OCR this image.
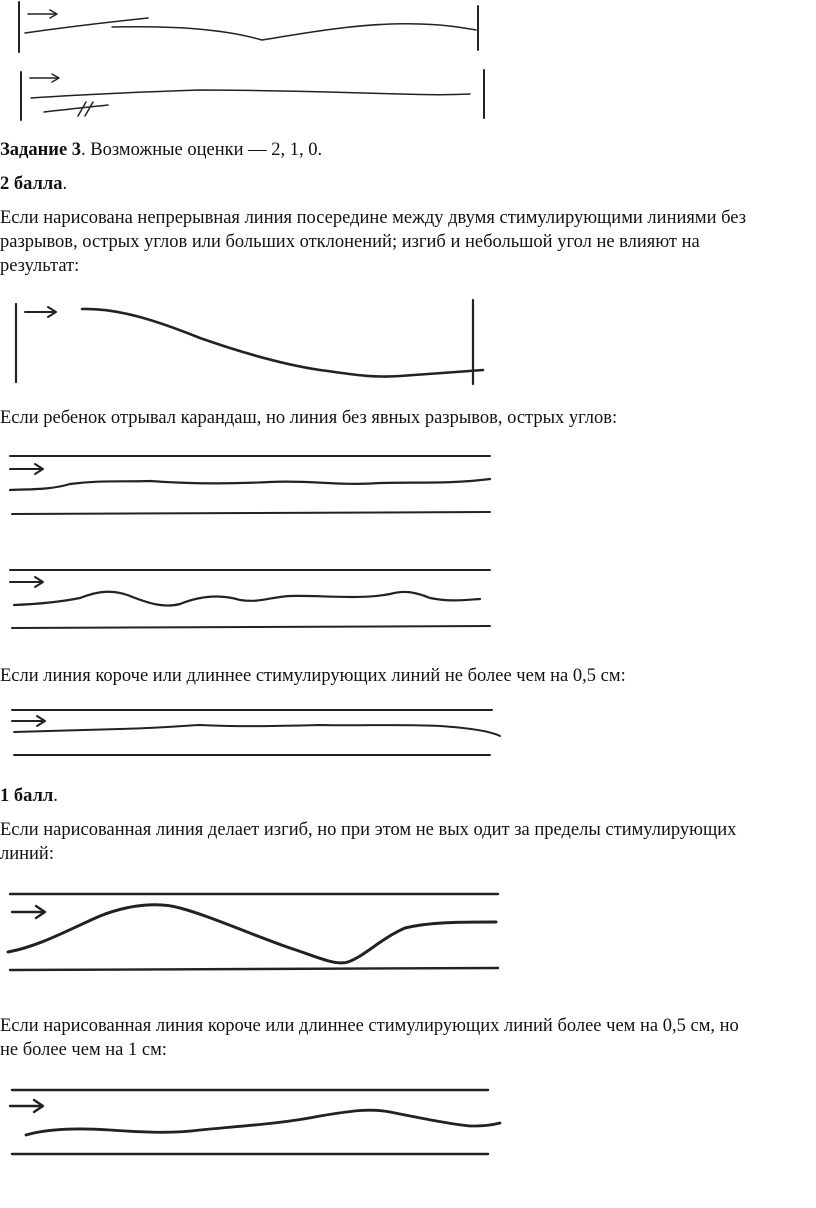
Задание 3. Возможные оценки — 2, 1, 0.

2 балла.

Если нарисована непрерывная линия посередине между двумя стимулирующими линиями без

разрывов, острых углов или больших отклонений; изгиб и небольшой угол не влияют на

результат:

Если ребенок отрывал карандаш, но линия без явных разрывов, острых углов:

Если линия короче или длиннее стимулирующих линий не более чем на 0,5 см:

1 балл.

Если нарисованная линия делает изгиб, но при этом не вых одит за пределы стимулирующих

линий:

Если нарисованная линия короче или длиннее стимулирующих линий более чем на 0,5 см, но

не более чем на 1 см:
